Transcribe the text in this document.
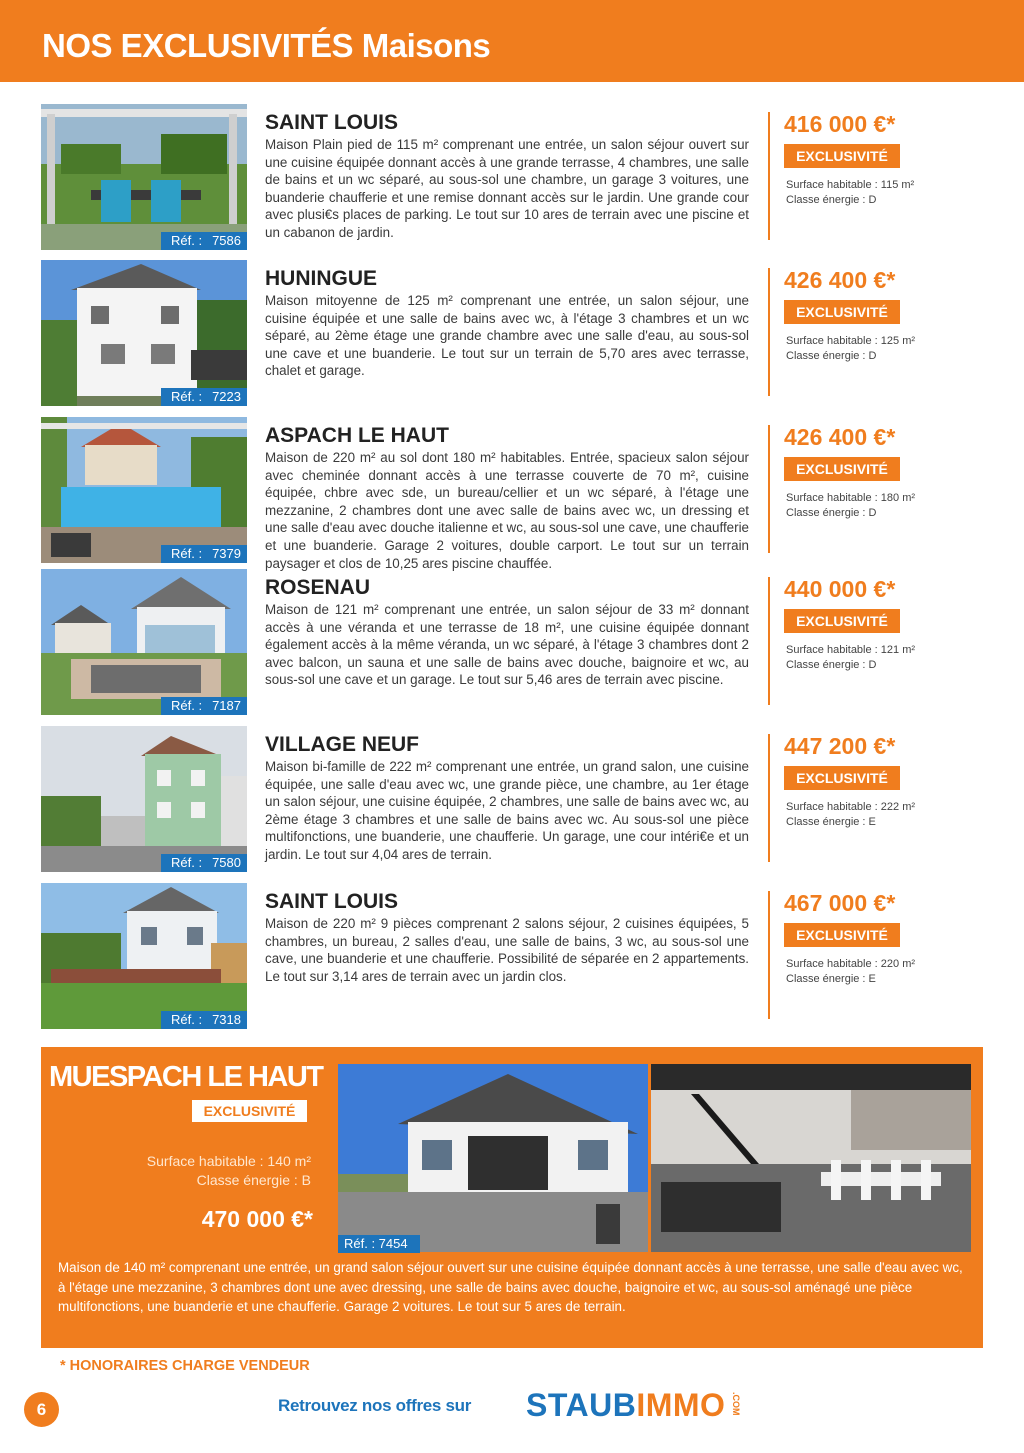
NOS EXCLUSIVITÉS Maisons
Réf. : 7586
SAINT LOUIS
Maison Plain pied de 115 m² comprenant une entrée, un salon séjour ouvert sur une cuisine équipée donnant accès à une grande terrasse, 4 chambres, une salle de bains et un wc séparé, au sous-sol une chambre, un garage 3 voitures, une buanderie chaufferie et une remise donnant accès sur le jardin. Une grande cour avec plusi€s places de parking. Le tout sur 10 ares de terrain avec une piscine et un cabanon de jardin.
416 000 €*
EXCLUSIVITÉ
Surface habitable : 115 m²
Classe énergie : D
Réf. : 7223
HUNINGUE
Maison mitoyenne de 125 m² comprenant une entrée, un salon séjour, une cuisine équipée et une salle de bains avec wc, à l'étage 3 chambres et un wc séparé, au 2ème étage une grande chambre avec une salle d'eau, au sous-sol une cave et une buanderie. Le tout sur un terrain de 5,70 ares avec terrasse, chalet et garage.
426 400 €*
EXCLUSIVITÉ
Surface habitable : 125 m²
Classe énergie : D
Réf. : 7379
ASPACH LE HAUT
Maison de 220 m² au sol dont 180 m² habitables. Entrée, spacieux salon séjour avec cheminée donnant accès à une terrasse couverte de 70 m², cuisine équipée, chbre avec sde, un bureau/cellier et un wc séparé, à l'étage une mezzanine, 2 chambres dont une avec salle de bains avec wc, un dressing et une salle d'eau avec douche italienne et wc, au sous-sol une cave, une chaufferie et une buanderie. Garage 2 voitures, double carport. Le tout sur un terrain paysager et clos de 10,25 ares piscine chauffée.
426 400 €*
EXCLUSIVITÉ
Surface habitable : 180 m²
Classe énergie : D
Réf. : 7187
ROSENAU
Maison de 121 m² comprenant une entrée, un salon séjour de 33 m² donnant accès à une véranda et une terrasse de 18 m², une cuisine équipée donnant également accès à la même véranda, un wc séparé, à l'étage 3 chambres dont 2 avec balcon, un sauna et une salle de bains avec douche, baignoire et wc, au sous-sol une cave et un garage. Le tout sur 5,46 ares de terrain avec piscine.
440 000 €*
EXCLUSIVITÉ
Surface habitable : 121 m²
Classe énergie : D
Réf. : 7580
VILLAGE NEUF
Maison bi-famille de 222 m² comprenant une entrée, un grand salon, une cuisine équipée, une salle d'eau avec wc, une grande pièce, une chambre, au 1er étage un salon séjour, une cuisine équipée, 2 chambres, une salle de bains avec wc, au 2ème étage 3 chambres et une salle de bains avec wc. Au sous-sol une pièce multifonctions, une buanderie, une chaufferie. Un garage, une cour intéri€e et un jardin. Le tout sur 4,04 ares de terrain.
447 200 €*
EXCLUSIVITÉ
Surface habitable : 222 m²
Classe énergie : E
Réf. : 7318
SAINT LOUIS
Maison de 220 m² 9 pièces comprenant 2 salons séjour, 2 cuisines équipées, 5 chambres, un bureau, 2 salles d'eau, une salle de bains, 3 wc, au sous-sol une cave, une buanderie et une chaufferie. Possibilité de séparée en 2 appartements. Le tout sur 3,14 ares de terrain avec un jardin clos.
467 000 €*
EXCLUSIVITÉ
Surface habitable : 220 m²
Classe énergie : E
MUESPACH LE HAUT
EXCLUSIVITÉ
Surface habitable : 140 m²
Classe énergie : B
470 000 €*
Réf. : 7454
Maison de 140 m² comprenant une entrée, un grand salon séjour ouvert sur une cuisine équipée donnant accès à une terrasse, une salle d'eau avec wc, à l'étage une mezzanine, 3 chambres dont une avec dressing, une salle de bains avec douche, baignoire et wc, au sous-sol aménagé une pièce multifonctions, une buanderie et une chaufferie. Garage 2 voitures. Le tout sur 5 ares de terrain.
* HONORAIRES CHARGE VENDEUR
6	Retrouvez nos offres sur STAUBIMMO .COM
